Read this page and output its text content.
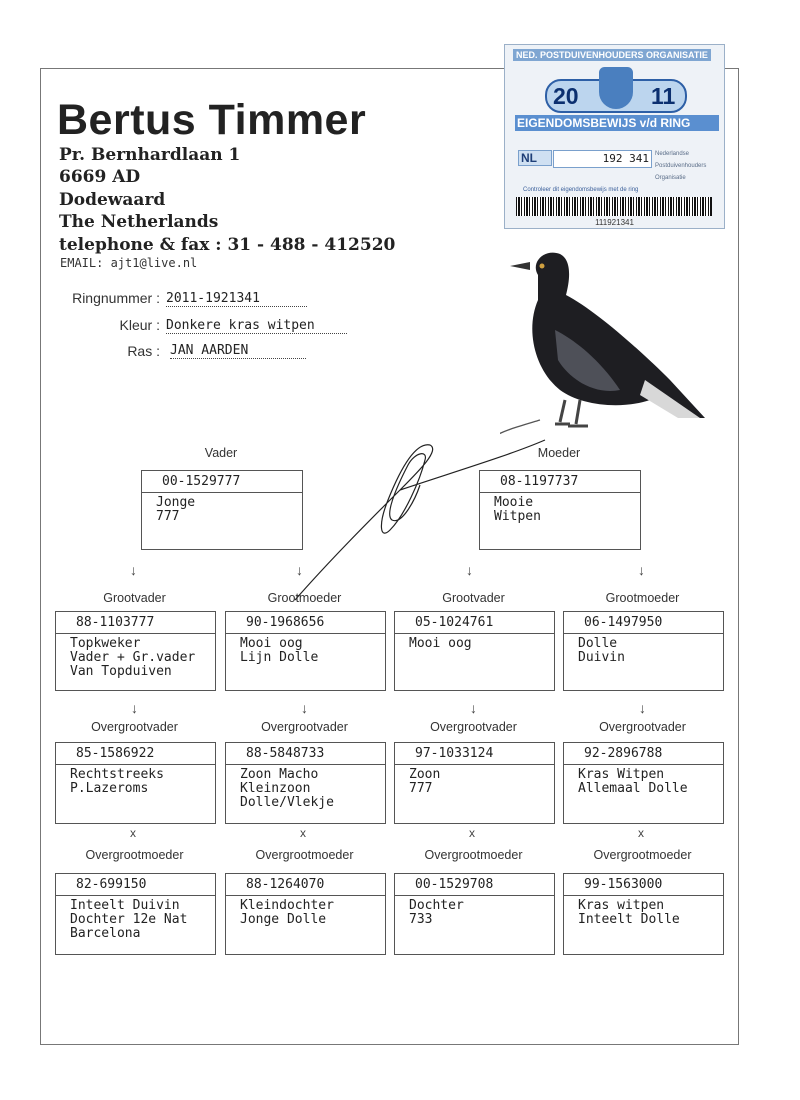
Bertus Timmer
Pr. Bernhardlaan 1
6669 AD
Dodewaard
The Netherlands
telephone & fax : 31 - 488 - 412520
EMAIL: ajt1@live.nl
Ringnummer : 2011-1921341
Kleur : Donkere kras witpen
Ras : JAN AARDEN
NED. POSTDUIVENHOUDERS ORGANISATIE
20	11
EIGENDOMSBEWIJS v/d RING
NL	192 341	Nederlandse
Postduivenhouders
Organisatie
Controleer dit eigendomsbewijs met de ring
111921341
Vader
00-1529777
Jonge
777
Moeder
08-1197737
Mooie
Witpen
↓	↓	↓	↓
Grootvader
88-1103777
Topkweker
Vader + Gr.vader
Van Topduiven
↓
Overgrootvader
85-1586922
Rechtstreeks
P.Lazeroms
x
Overgrootmoeder
82-699150
Inteelt Duivin
Dochter 12e Nat
Barcelona
Grootmoeder
90-1968656
Mooi oog
Lijn Dolle
↓
Overgrootvader
88-5848733
Zoon Macho
Kleinzoon
Dolle/Vlekje
x
Overgrootmoeder
88-1264070
Kleindochter
Jonge Dolle
Grootvader
05-1024761
Mooi oog
↓
Overgrootvader
97-1033124
Zoon
777
x
Overgrootmoeder
00-1529708
Dochter
733
Grootmoeder
06-1497950
Dolle
Duivin
↓
Overgrootvader
92-2896788
Kras Witpen
Allemaal Dolle
x
Overgrootmoeder
99-1563000
Kras witpen
Inteelt Dolle
